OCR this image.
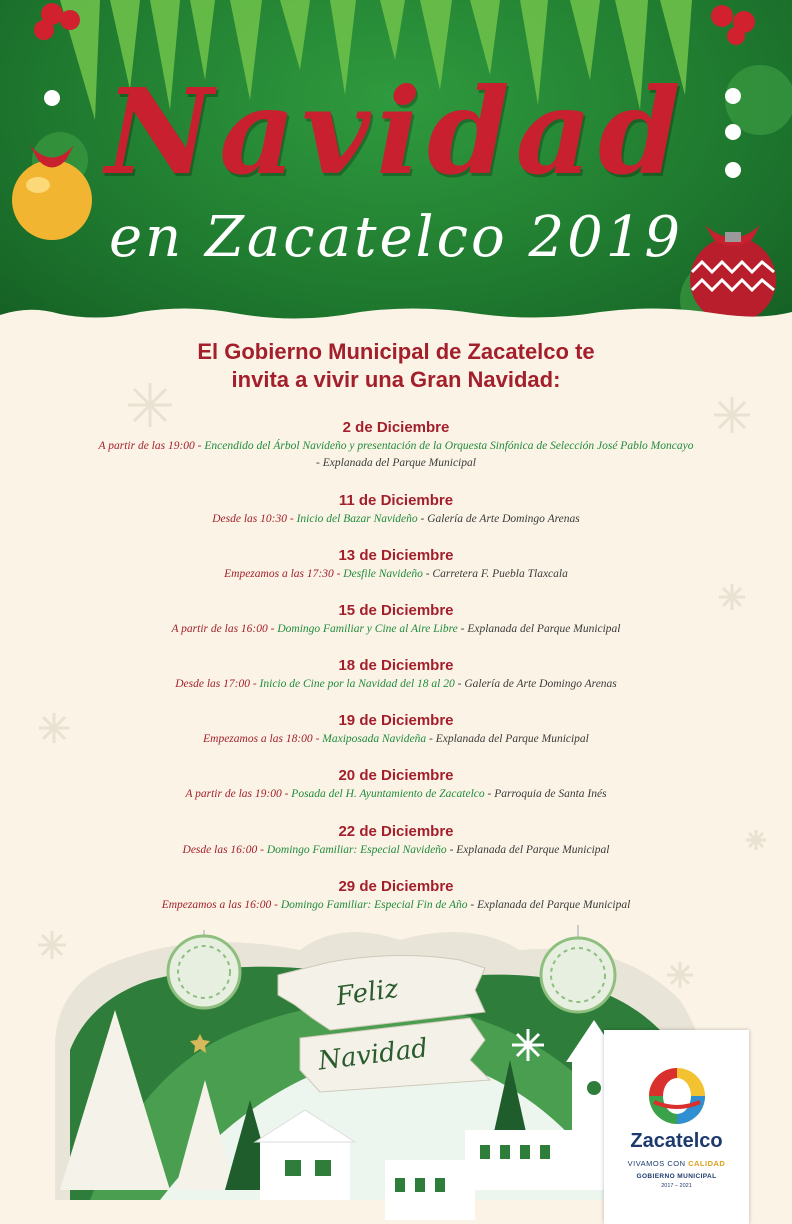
Navidad
en Zacatelco 2019
El Gobierno Municipal de Zacatelco te
invita a vivir una Gran Navidad:
2 de Diciembre
A partir de las 19:00 - Encendido del Árbol Navideño y presentación de la Orquesta Sinfónica de Selección José Pablo Moncayo
- Explanada del Parque Municipal
11 de Diciembre
Desde las 10:30 - Inicio del Bazar Navideño - Galería de Arte Domingo Arenas
13 de Diciembre
Empezamos a las 17:30 - Desfile Navideño - Carretera F. Puebla Tlaxcala
15 de Diciembre
A partir de las 16:00 - Domingo Familiar y Cine al Aire Libre - Explanada del Parque Municipal
18 de Diciembre
Desde las 17:00 - Inicio de Cine por la Navidad del 18 al 20 - Galería de Arte Domingo Arenas
19 de Diciembre
Empezamos a las 18:00 - Maxiposada Navideña - Explanada del Parque Municipal
20 de Diciembre
A partir de las 19:00 - Posada del H. Ayuntamiento de Zacatelco - Parroquia de Santa Inés
22 de Diciembre
Desde las 16:00 - Domingo Familiar: Especial Navideño - Explanada del Parque Municipal
29 de Diciembre
Empezamos a las 16:00 - Domingo Familiar: Especial Fin de Año - Explanada del Parque Municipal
Feliz
Navidad
Zacatelco
VIVAMOS CON CALIDAD
GOBIERNO MUNICIPAL
2017 – 2021
